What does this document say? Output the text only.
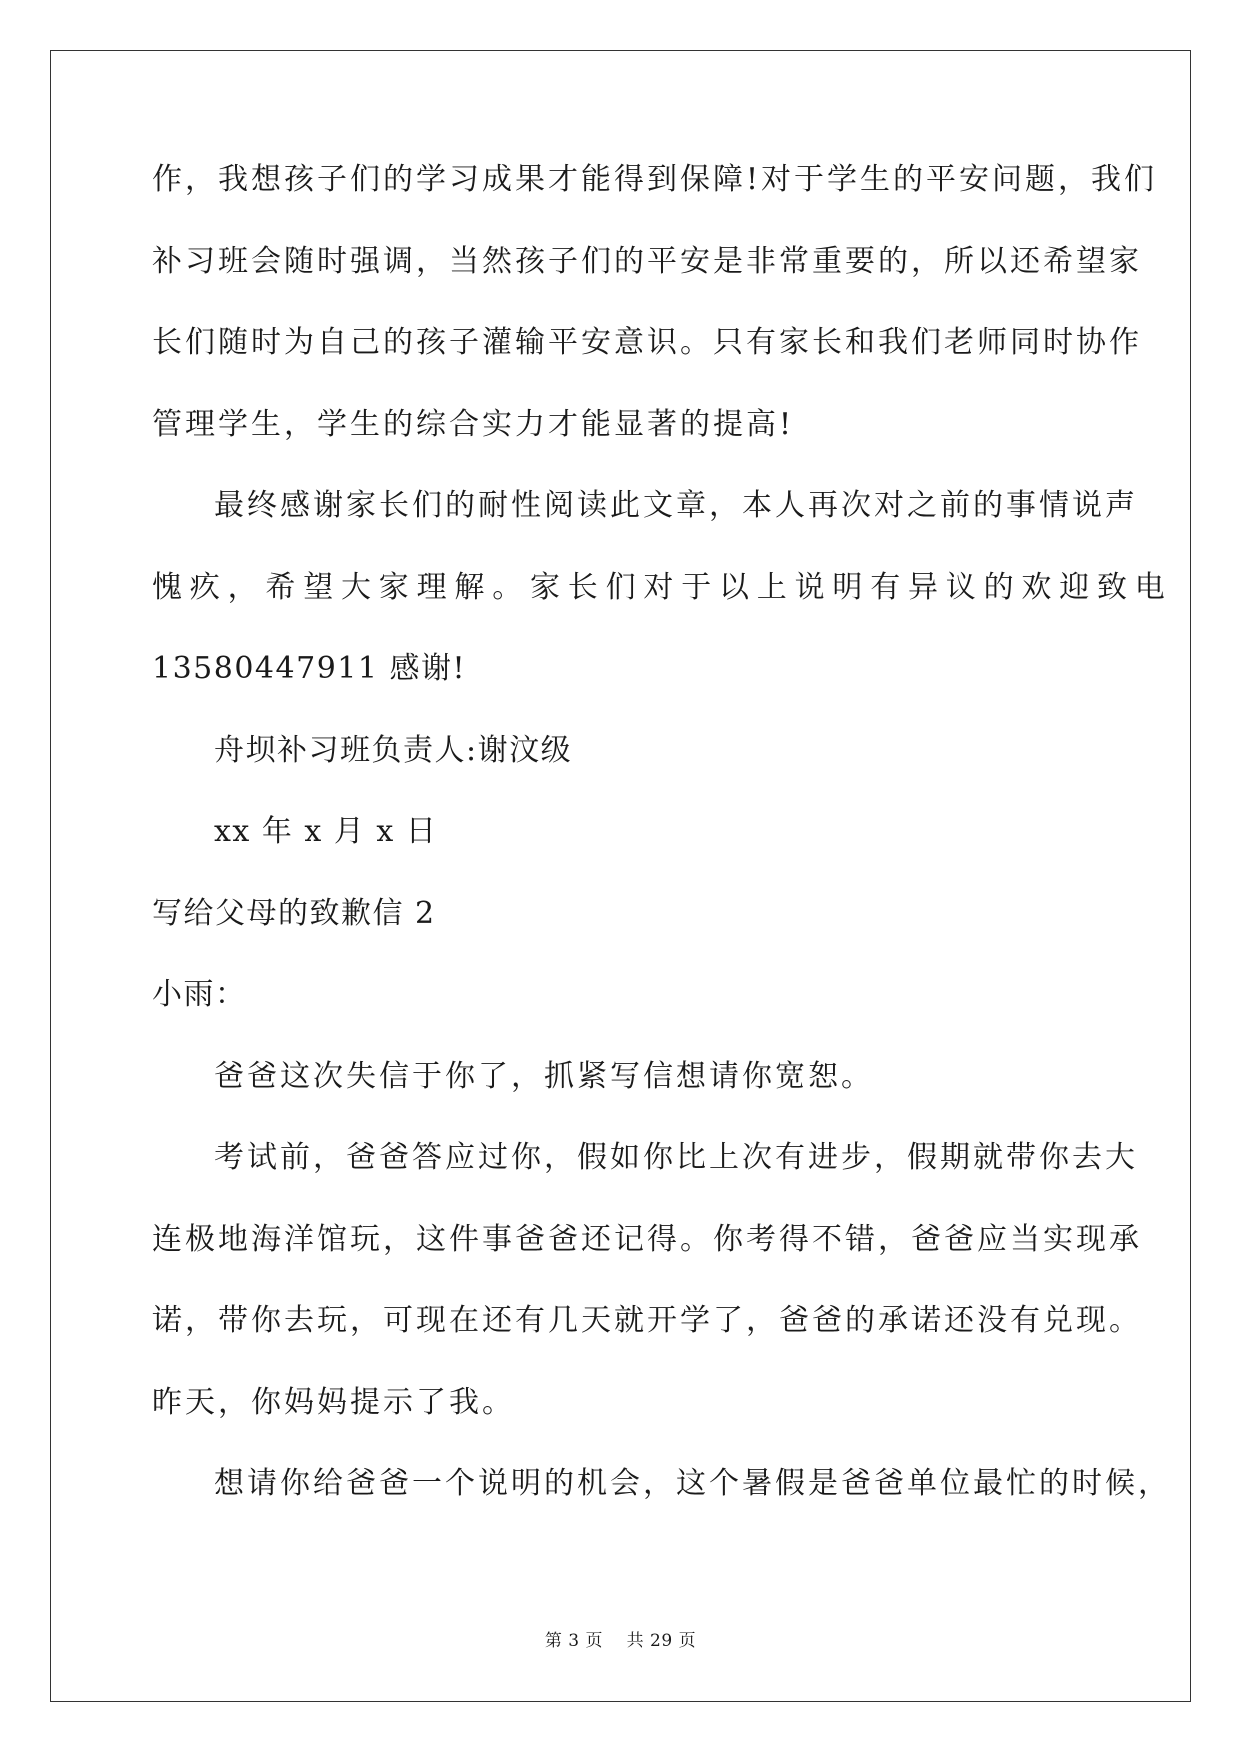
作，我想孩子们的学习成果才能得到保障!对于学生的平安问题，我们
补习班会随时强调，当然孩子们的平安是非常重要的，所以还希望家
长们随时为自己的孩子灌输平安意识。只有家长和我们老师同时协作
管理学生，学生的综合实力才能显著的提高!
最终感谢家长们的耐性阅读此文章，本人再次对之前的事情说声
愧疚，希望大家理解。家长们对于以上说明有异议的欢迎致电
13580447911 感谢!
舟坝补习班负责人:谢汶级
xx 年 x 月 x 日
写给父母的致歉信 2
小雨：
爸爸这次失信于你了，抓紧写信想请你宽恕。
考试前，爸爸答应过你，假如你比上次有进步，假期就带你去大
连极地海洋馆玩，这件事爸爸还记得。你考得不错，爸爸应当实现承
诺，带你去玩，可现在还有几天就开学了，爸爸的承诺还没有兑现。
昨天，你妈妈提示了我。
想请你给爸爸一个说明的机会，这个暑假是爸爸单位最忙的时候，
第 3 页    共 29 页
